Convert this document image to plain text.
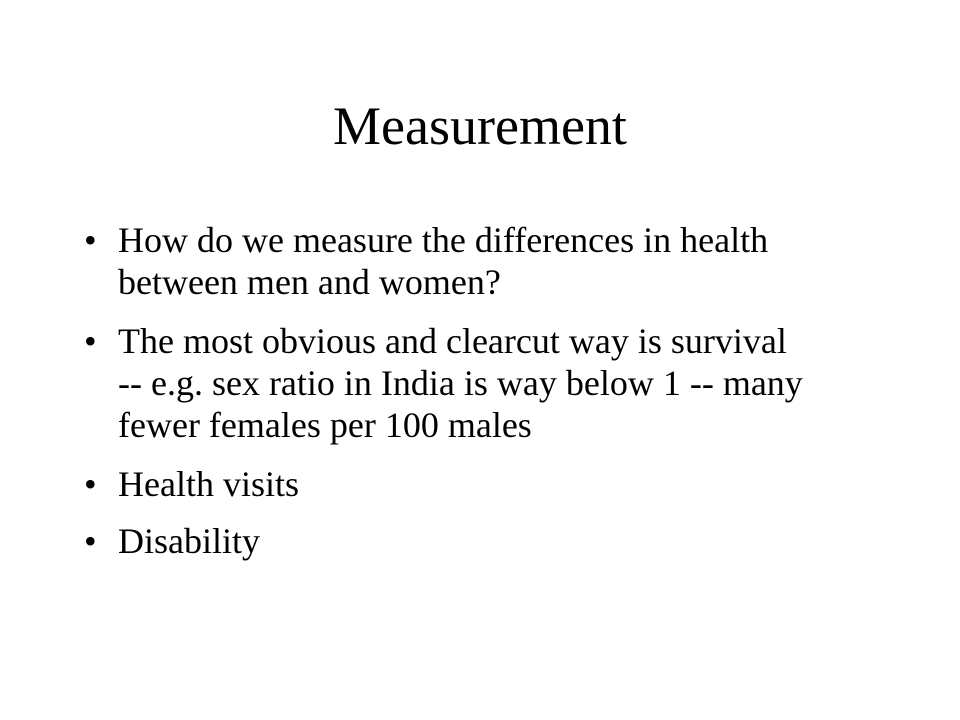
Measurement
• How do we measure the differences in health between men and women?
• The most obvious and clearcut way is survival -- e.g. sex ratio in India is way below 1 -- many fewer females per 100 males
• Health visits
• Disability
